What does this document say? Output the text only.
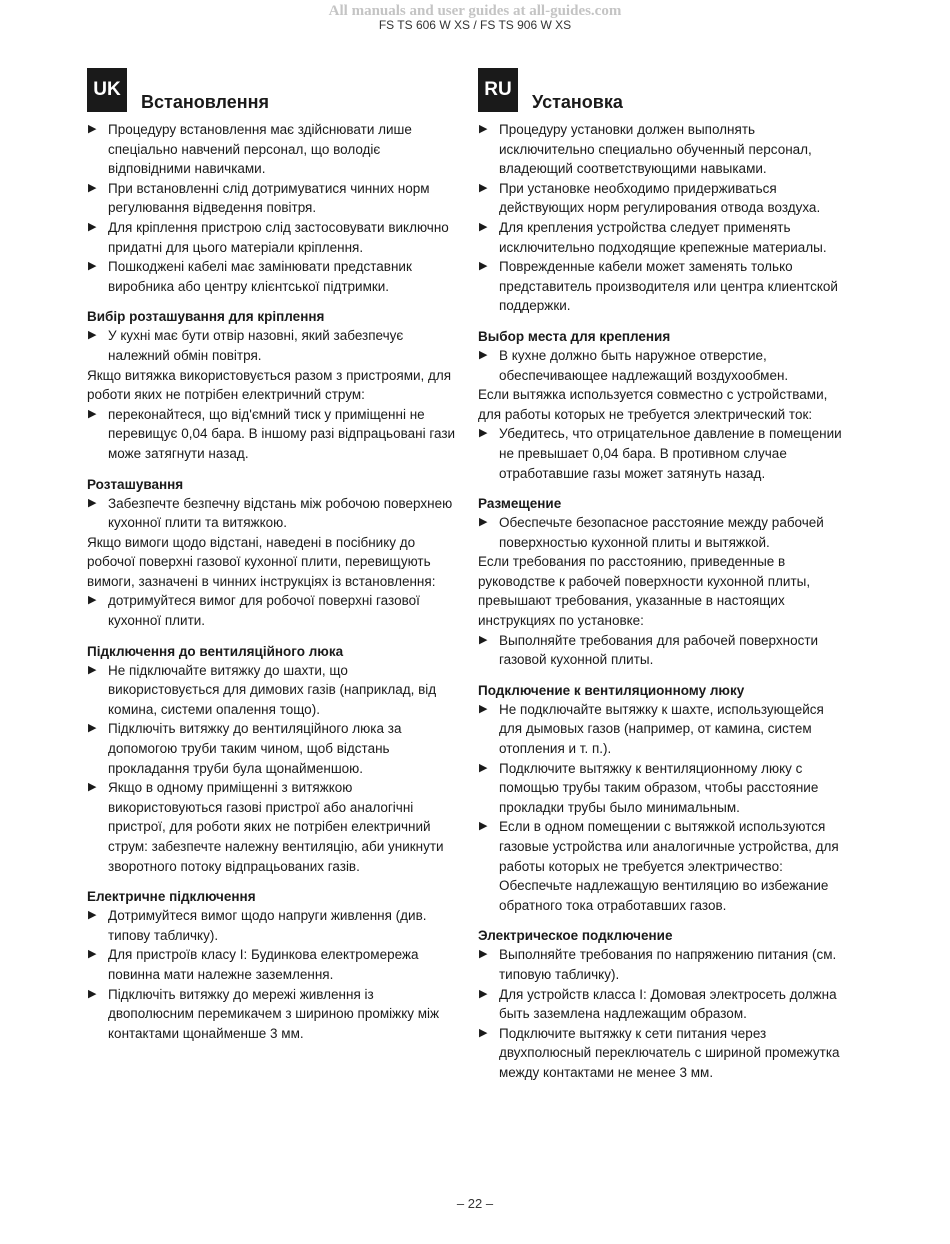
All manuals and user guides at all-guides.com
FS TS 606 W XS / FS TS 906 W XS
UK
Встановлення
▶ Процедуру встановлення має здійснювати лише спеціально навчений персонал, що володіє відповідними навичками.
▶ При встановленні слід дотримуватися чинних норм регулювання відведення повітря.
▶ Для кріплення пристрою слід застосовувати виключно придатні для цього матеріали кріплення.
▶ Пошкоджені кабелі має замінювати представник виробника або центру клієнтської підтримки.
Вибір розташування для кріплення
▶ У кухні має бути отвір назовні, який забезпечує належний обмін повітря.

Якщо витяжка використовується разом з пристроями, для роботи яких не потрібен електричний струм:

▶ переконайтеся, що від'ємний тиск у приміщенні не перевищує 0,04 бара. В іншому разі відпрацьовані гази може затягнути назад.
Розташування
▶ Забезпечте безпечну відстань між робочою поверхнею кухонної плити та витяжкою.

Якщо вимоги щодо відстані, наведені в посібнику до робочої поверхні газової кухонної плити, перевищують вимоги, зазначені в чинних інструкціях із встановлення:

▶ дотримуйтеся вимог для робочої поверхні газової кухонної плити.
Підключення до вентиляційного люка
▶ Не підключайте витяжку до шахти, що використовується для димових газів (наприклад, від комина, системи опалення тощо).
▶ Підключіть витяжку до вентиляційного люка за допомогою труби таким чином, щоб відстань прокладання труби була щонайменшою.
▶ Якщо в одному приміщенні з витяжкою використовуються газові пристрої або аналогічні пристрої, для роботи яких не потрібен електричний струм: забезпечте належну вентиляцію, аби уникнути зворотного потоку відпрацьованих газів.
Електричне підключення
▶ Дотримуйтеся вимог щодо напруги живлення (див. типову табличку).
▶ Для пристроїв класу I: Будинкова електромережа повинна мати належне заземлення.
▶ Підключіть витяжку до мережі живлення із двополюсним перемикачем з шириною проміжку між контактами щонайменше 3 мм.
RU
Установка
▶ Процедуру установки должен выполнять исключительно специально обученный персонал, владеющий соответствующими навыками.
▶ При установке необходимо придерживаться действующих норм регулирования отвода воздуха.
▶ Для крепления устройства следует применять исключительно подходящие крепежные материалы.
▶ Поврежденные кабели может заменять только представитель производителя или центра клиентской поддержки.
Выбор места для крепления
▶ В кухне должно быть наружное отверстие, обеспечивающее надлежащий воздухообмен.

Если вытяжка используется совместно с устройствами, для работы которых не требуется электрический ток:

▶ Убедитесь, что отрицательное давление в помещении не превышает 0,04 бара. В противном случае отработавшие газы может затянуть назад.
Размещение
▶ Обеспечьте безопасное расстояние между рабочей поверхностью кухонной плиты и вытяжкой.

Если требования по расстоянию, приведенные в руководстве к рабочей поверхности кухонной плиты, превышают требования, указанные в настоящих инструкциях по установке:

▶ Выполняйте требования для рабочей поверхности газовой кухонной плиты.
Подключение к вентиляционному люку
▶ Не подключайте вытяжку к шахте, использующейся для дымовых газов (например, от камина, систем отопления и т. п.).
▶ Подключите вытяжку к вентиляционному люку с помощью трубы таким образом, чтобы расстояние прокладки трубы было минимальным.
▶ Если в одном помещении с вытяжкой используются газовые устройства или аналогичные устройства, для работы которых не требуется электричество: Обеспечьте надлежащую вентиляцию во избежание обратного тока отработавших газов.
Электрическое подключение
▶ Выполняйте требования по напряжению питания (см. типовую табличку).
▶ Для устройств класса I: Домовая электросеть должна быть заземлена надлежащим образом.
▶ Подключите вытяжку к сети питания через двухполюсный переключатель с шириной промежутка между контактами не менее 3 мм.
– 22 –
